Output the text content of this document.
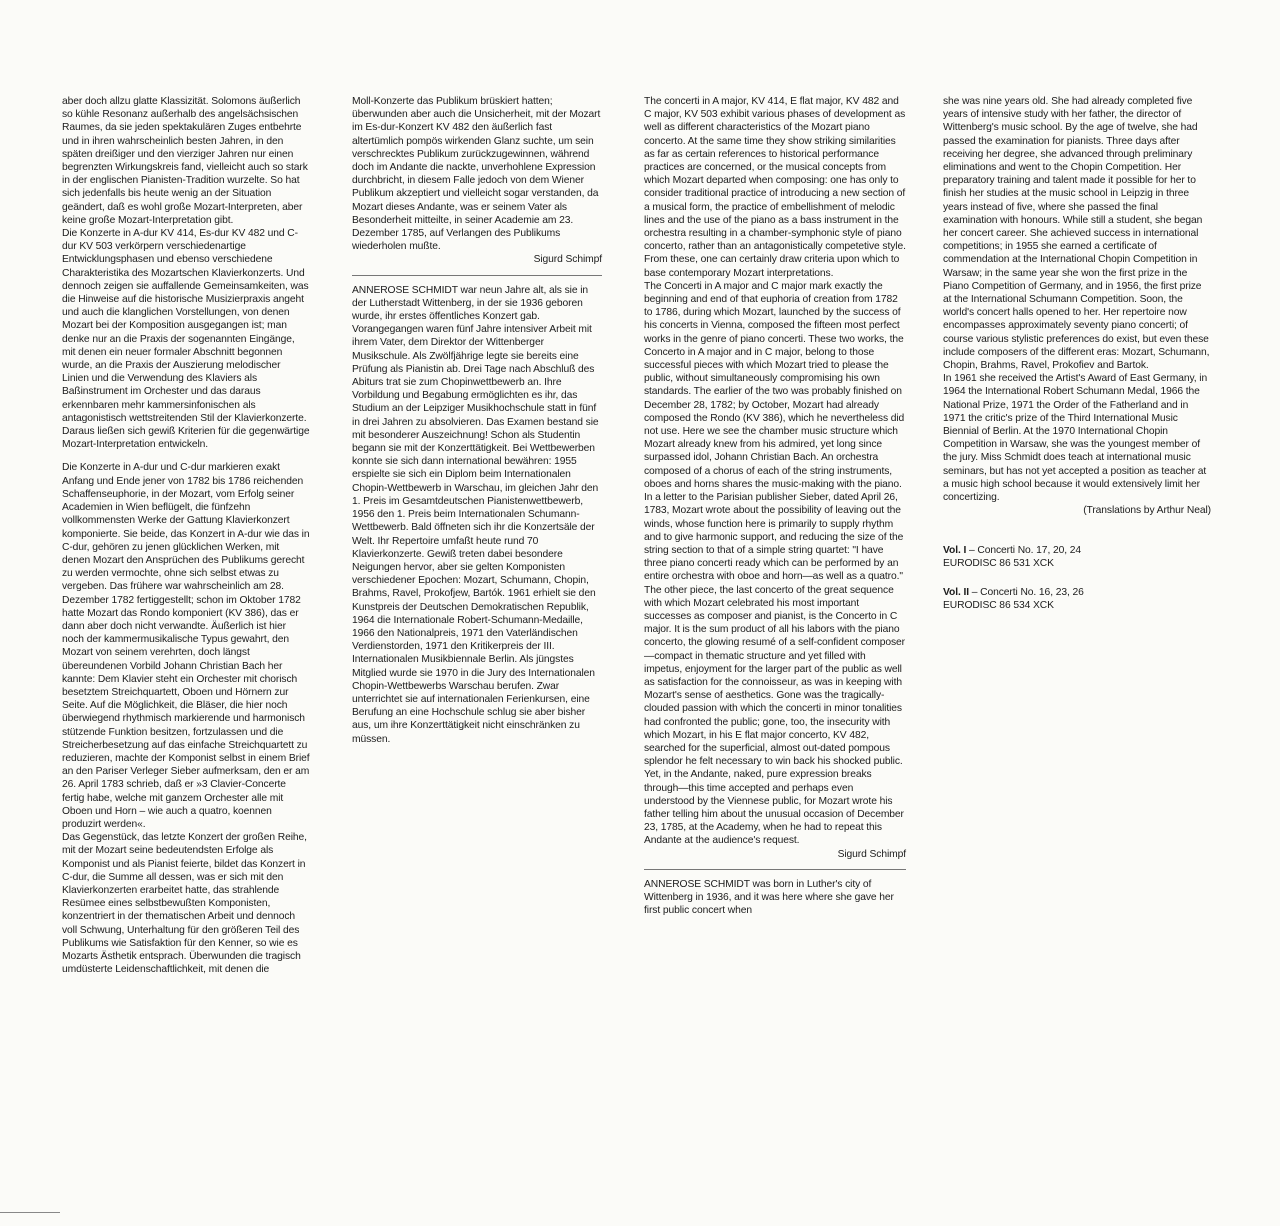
aber doch allzu glatte Klassizität. Solomons äußerlich so kühle Resonanz außerhalb des angelsächsischen Raumes, da sie jeden spektakulären Zuges entbehrte und in ihren wahrscheinlich besten Jahren, in den späten dreißiger und den vierziger Jahren nur einen begrenzten Wirkungskreis fand, vielleicht auch so stark in der englischen Pianisten-Tradition wurzelte. So hat sich jedenfalls bis heute wenig an der Situation geändert, daß es wohl große Mozart-Interpreten, aber keine große Mozart-Interpretation gibt.

Die Konzerte in A-dur KV 414, Es-dur KV 482 und C-dur KV 503 verkörpern verschiedenartige Entwicklungsphasen und ebenso verschiedene Charakteristika des Mozartschen Klavierkonzerts. Und dennoch zeigen sie auffallende Gemeinsamkeiten, was die Hinweise auf die historische Musizierpraxis angeht und auch die klanglichen Vorstellungen, von denen Mozart bei der Komposition ausgegangen ist; man denke nur an die Praxis der sogenannten Eingänge, mit denen ein neuer formaler Abschnitt begonnen wurde, an die Praxis der Auszierung melodischer Linien und die Verwendung des Klaviers als Baßinstrument im Orchester und das daraus erkennbaren mehr kammersinfonischen als antagonistisch wettstreitenden Stil der Klavierkonzerte. Daraus ließen sich gewiß Kriterien für die gegenwärtige Mozart-Interpretation entwickeln.

Die Konzerte in A-dur und C-dur markieren exakt Anfang und Ende jener von 1782 bis 1786 reichenden Schaffenseuphorie, in der Mozart, vom Erfolg seiner Academien in Wien beflügelt, die fünfzehn vollkommensten Werke der Gattung Klavierkonzert komponierte. Sie beide, das Konzert in A-dur wie das in C-dur, gehören zu jenen glücklichen Werken, mit denen Mozart den Ansprüchen des Publikums gerecht zu werden vermochte, ohne sich selbst etwas zu vergeben. Das frühere war wahrscheinlich am 28. Dezember 1782 fertiggestellt; schon im Oktober 1782 hatte Mozart das Rondo komponiert (KV 386), das er dann aber doch nicht verwandte. Äußerlich ist hier noch der kammermusikalische Typus gewahrt, den Mozart von seinem verehrten, doch längst übereundenen Vorbild Johann Christian Bach her kannte: Dem Klavier steht ein Orchester mit chorisch besetztem Streichquartett, Oboen und Hörnern zur Seite. Auf die Möglichkeit, die Bläser, die hier noch überwiegend rhythmisch markierende und harmonisch stützende Funktion besitzen, fortzulassen und die Streicherbesetzung auf das einfache Streichquartett zu reduzieren, machte der Komponist selbst in einem Brief an den Pariser Verleger Sieber aufmerksam, den er am 26. April 1783 schrieb, daß er »3 Clavier-Concerte fertig habe, welche mit ganzem Orchester alle mit Oboen und Horn – wie auch a quatro, koennen produzirt werden«.

Das Gegenstück, das letzte Konzert der großen Reihe, mit der Mozart seine bedeutendsten Erfolge als Komponist und als Pianist feierte, bildet das Konzert in C-dur, die Summe all dessen, was er sich mit den Klavierkonzerten erarbeitet hatte, das strahlende Resümee eines selbstbewußten Komponisten, konzentriert in der thematischen Arbeit und dennoch voll Schwung, Unterhaltung für den größeren Teil des Publikums wie Satisfaktion für den Kenner, so wie es Mozarts Ästhetik entsprach. Überwunden die tragisch umdüsterte Leidenschaftlichkeit, mit denen die

Moll-Konzerte das Publikum brüskiert hatten; überwunden aber auch die Unsicherheit, mit der Mozart im Es-dur-Konzert KV 482 den äußerlich fast altertümlich pompös wirkenden Glanz suchte, um sein verschrecktes Publikum zurückzugewinnen, während doch im Andante die nackte, unverhohlene Expression durchbricht, in diesem Falle jedoch von dem Wiener Publikum akzeptiert und vielleicht sogar verstanden, da Mozart dieses Andante, was er seinem Vater als Besonderheit mitteilte, in seiner Academie am 23. Dezember 1785, auf Verlangen des Publikums wiederholen mußte.

Sigurd Schimpf

ANNEROSE SCHMIDT war neun Jahre alt, als sie in der Lutherstadt Wittenberg, in der sie 1936 geboren wurde, ihr erstes öffentliches Konzert gab. Vorangegangen waren fünf Jahre intensiver Arbeit mit ihrem Vater, dem Direktor der Wittenberger Musikschule. Als Zwölfjährige legte sie bereits eine Prüfung als Pianistin ab. Drei Tage nach Abschluß des Abiturs trat sie zum Chopinwettbewerb an. Ihre Vorbildung und Begabung ermöglichten es ihr, das Studium an der Leipziger Musikhochschule statt in fünf in drei Jahren zu absolvieren. Das Examen bestand sie mit besonderer Auszeichnung! Schon als Studentin begann sie mit der Konzerttätigkeit. Bei Wettbewerben konnte sie sich dann international bewähren: 1955 erspielte sie sich ein Diplom beim Internationalen Chopin-Wettbewerb in Warschau, im gleichen Jahr den 1. Preis im Gesamtdeutschen Pianistenwettbewerb, 1956 den 1. Preis beim Internationalen Schumann-Wettbewerb. Bald öffneten sich ihr die Konzertsäle der Welt. Ihr Repertoire umfaßt heute rund 70 Klavierkonzerte. Gewiß treten dabei besondere Neigungen hervor, aber sie gelten Komponisten verschiedener Epochen: Mozart, Schumann, Chopin, Brahms, Ravel, Prokofjew, Bartók. 1961 erhielt sie den Kunstpreis der Deutschen Demokratischen Republik, 1964 die Internationale Robert-Schumann-Medaille, 1966 den Nationalpreis, 1971 den Vaterländischen Verdienstorden, 1971 den Kritikerpreis der III. Internationalen Musikbiennale Berlin. Als jüngstes Mitglied wurde sie 1970 in die Jury des Internationalen Chopin-Wettbewerbs Warschau berufen. Zwar unterrichtet sie auf internationalen Ferienkursen, eine Berufung an eine Hochschule schlug sie aber bisher aus, um ihre Konzerttätigkeit nicht einschränken zu müssen.

The concerti in A major, KV 414, E flat major, KV 482 and C major, KV 503 exhibit various phases of development as well as different characteristics of the Mozart piano concerto. At the same time they show striking similarities as far as certain references to historical performance practices are concerned, or the musical concepts from which Mozart departed when composing: one has only to consider traditional practice of introducing a new section of a musical form, the practice of embellishment of melodic lines and the use of the piano as a bass instrument in the orchestra resulting in a chamber-symphonic style of piano concerto, rather than an antagonistically competetive style. From these, one can certainly draw criteria upon which to base contemporary Mozart interpretations.

The Concerti in A major and C major mark exactly the beginning and end of that euphoria of creation from 1782 to 1786, during which Mozart, launched by the success of his concerts in Vienna, composed the fifteen most perfect works in the genre of piano concerti. These two works, the Concerto in A major and in C major, belong to those successful pieces with which Mozart tried to please the public, without simultaneously compromising his own standards. The earlier of the two was probably finished on December 28, 1782; by October, Mozart had already composed the Rondo (KV 386), which he nevertheless did not use. Here we see the chamber music structure which Mozart already knew from his admired, yet long since surpassed idol, Johann Christian Bach. An orchestra composed of a chorus of each of the string instruments, oboes and horns shares the music-making with the piano. In a letter to the Parisian publisher Sieber, dated April 26, 1783, Mozart wrote about the possibility of leaving out the winds, whose function here is primarily to supply rhythm and to give harmonic support, and reducing the size of the string section to that of a simple string quartet: "I have three piano concerti ready which can be performed by an entire orchestra with oboe and horn—as well as a quatro."

The other piece, the last concerto of the great sequence with which Mozart celebrated his most important successes as composer and pianist, is the Concerto in C major. It is the sum product of all his labors with the piano concerto, the glowing resumé of a self-confident composer—compact in thematic structure and yet filled with impetus, enjoyment for the larger part of the public as well as satisfaction for the connoisseur, as was in keeping with Mozart's sense of aesthetics. Gone was the tragically-clouded passion with which the concerti in minor tonalities had confronted the public; gone, too, the insecurity with which Mozart, in his E flat major concerto, KV 482, searched for the superficial, almost out-dated pompous splendor he felt necessary to win back his shocked public. Yet, in the Andante, naked, pure expression breaks through—this time accepted and perhaps even understood by the Viennese public, for Mozart wrote his father telling him about the unusual occasion of December 23, 1785, at the Academy, when he had to repeat this Andante at the audience's request.

Sigurd Schimpf

ANNEROSE SCHMIDT was born in Luther's city of Wittenberg in 1936, and it was here where she gave her first public concert when

she was nine years old. She had already completed five years of intensive study with her father, the director of Wittenberg's music school. By the age of twelve, she had passed the examination for pianists. Three days after receiving her degree, she advanced through preliminary eliminations and went to the Chopin Competition. Her preparatory training and talent made it possible for her to finish her studies at the music school in Leipzig in three years instead of five, where she passed the final examination with honours. While still a student, she began her concert career. She achieved success in international competitions; in 1955 she earned a certificate of commendation at the International Chopin Competition in Warsaw; in the same year she won the first prize in the Piano Competition of Germany, and in 1956, the first prize at the International Schumann Competition. Soon, the world's concert halls opened to her. Her repertoire now encompasses approximately seventy piano concerti; of course various stylistic preferences do exist, but even these include composers of the different eras: Mozart, Schumann, Chopin, Brahms, Ravel, Prokofiev and Bartok.

In 1961 she received the Artist's Award of East Germany, in 1964 the International Robert Schumann Medal, 1966 the National Prize, 1971 the Order of the Fatherland and in 1971 the critic's prize of the Third International Music Biennial of Berlin. At the 1970 International Chopin Competition in Warsaw, she was the youngest member of the jury. Miss Schmidt does teach at international music seminars, but has not yet accepted a position as teacher at a music high school because it would extensively limit her concertizing.

(Translations by Arthur Neal)

Vol. I – Concerti No. 17, 20, 24
EURODISC 86 531 XCK
Vol. II – Concerti No. 16, 23, 26
EURODISC 86 534 XCK
